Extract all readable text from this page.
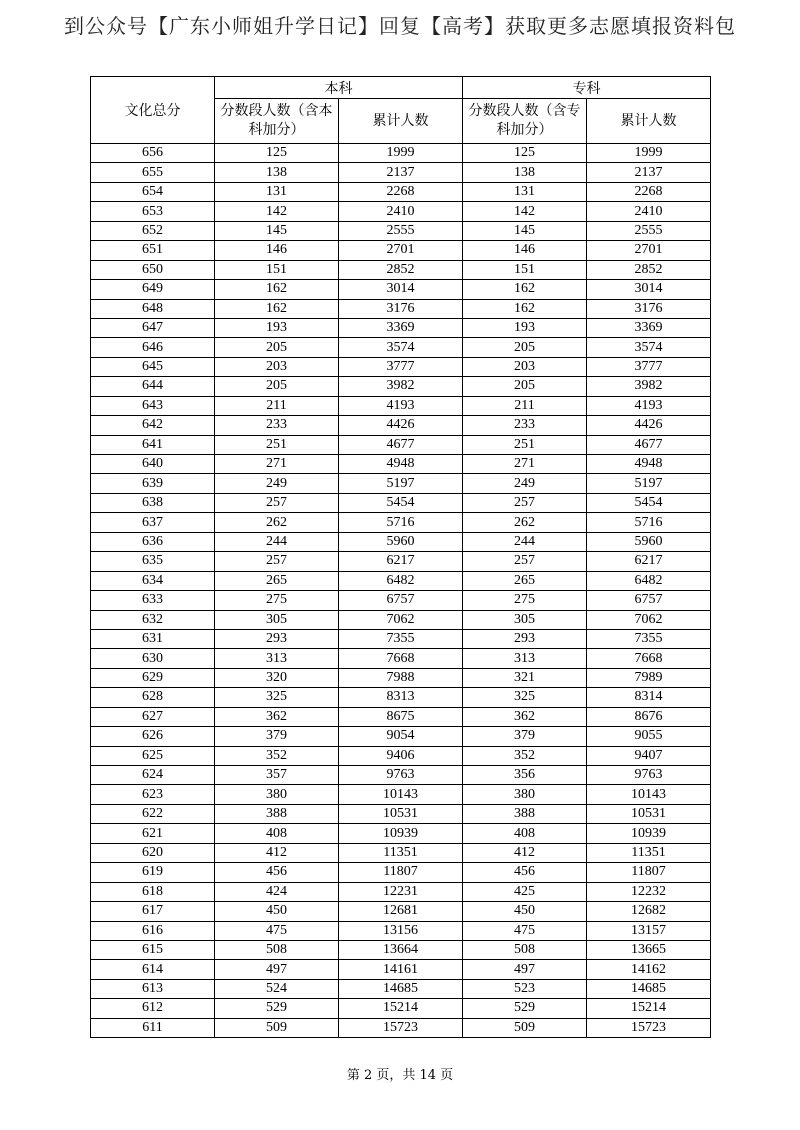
到公众号【广东小师姐升学日记】回复【高考】获取更多志愿填报资料包
文化总分	本科		专科	
	分数段人数（含本科加分）	累计人数	分数段人数（含专科加分）	累计人数
656	125	1999	125	1999
655	138	2137	138	2137
654	131	2268	131	2268
653	142	2410	142	2410
652	145	2555	145	2555
651	146	2701	146	2701
650	151	2852	151	2852
649	162	3014	162	3014
648	162	3176	162	3176
647	193	3369	193	3369
646	205	3574	205	3574
645	203	3777	203	3777
644	205	3982	205	3982
643	211	4193	211	4193
642	233	4426	233	4426
641	251	4677	251	4677
640	271	4948	271	4948
639	249	5197	249	5197
638	257	5454	257	5454
637	262	5716	262	5716
636	244	5960	244	5960
635	257	6217	257	6217
634	265	6482	265	6482
633	275	6757	275	6757
632	305	7062	305	7062
631	293	7355	293	7355
630	313	7668	313	7668
629	320	7988	321	7989
628	325	8313	325	8314
627	362	8675	362	8676
626	379	9054	379	9055
625	352	9406	352	9407
624	357	9763	356	9763
623	380	10143	380	10143
622	388	10531	388	10531
621	408	10939	408	10939
620	412	11351	412	11351
619	456	11807	456	11807
618	424	12231	425	12232
617	450	12681	450	12682
616	475	13156	475	13157
615	508	13664	508	13665
614	497	14161	497	14162
613	524	14685	523	14685
612	529	15214	529	15214
611	509	15723	509	15723
第 2 页，共 14 页
